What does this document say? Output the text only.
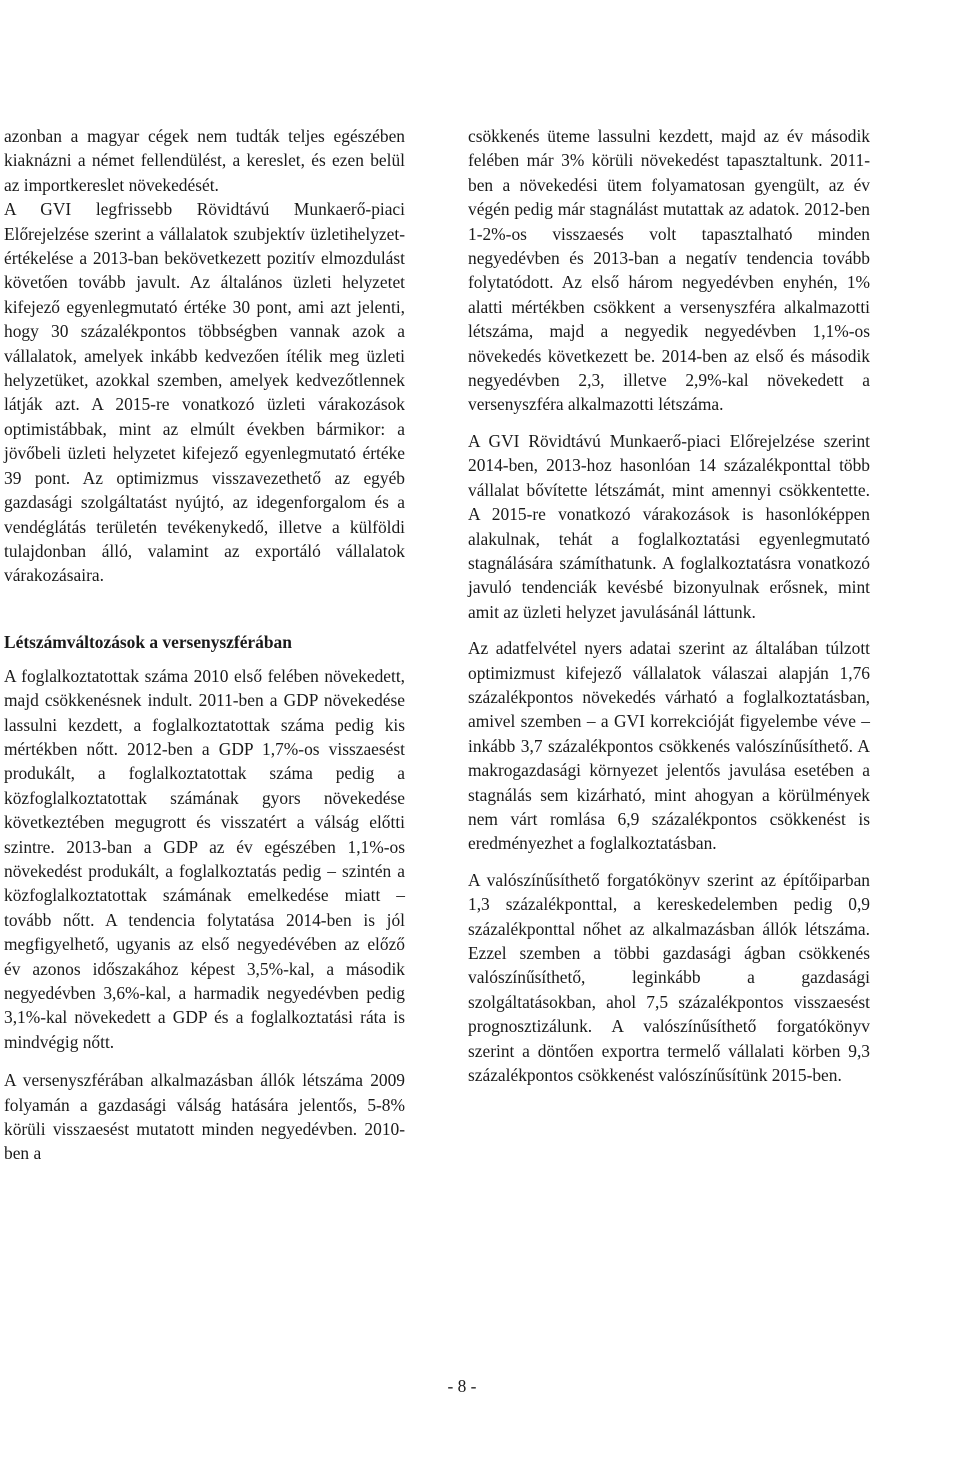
azonban a magyar cégek nem tudták teljes egészében kiaknázni a német fellendülést, a kereslet, és ezen belül az importkereslet növekedését.

A GVI legfrissebb Rövidtávú Munkaerő-piaci Előrejelzése szerint a vállalatok szubjektív üzletihelyzet-értékelése a 2013-ban bekövetkezett pozitív elmozdulást követően tovább javult. Az általános üzleti helyzetet kifejező egyenlegmutató értéke 30 pont, ami azt jelenti, hogy 30 százalékpontos többségben vannak azok a vállalatok, amelyek inkább kedvezően ítélik meg üzleti helyzetüket, azokkal szemben, amelyek kedvezőtlennek látják azt. A 2015-re vonatkozó üzleti várakozások optimistábbak, mint az elmúlt években bármikor: a jövőbeli üzleti helyzetet kifejező egyenlegmutató értéke 39 pont. Az optimizmus visszavezethető az egyéb gazdasági szolgáltatást nyújtó, az idegenforgalom és a vendéglátás területén tevékenykedő, illetve a külföldi tulajdonban álló, valamint az exportáló vállalatok várakozásaira.

Létszámváltozások a versenyszférában

A foglalkoztatottak száma 2010 első felében növekedett, majd csökkenésnek indult. 2011-ben a GDP növekedése lassulni kezdett, a foglalkoztatottak száma pedig kis mértékben nőtt. 2012-ben a GDP 1,7%-os visszaesést produkált, a foglalkoztatottak száma pedig a közfoglalkoztatottak számának gyors növekedése következtében megugrott és visszatért a válság előtti szintre. 2013-ban a GDP az év egészében 1,1%-os növekedést produkált, a foglalkoztatás pedig – szintén a közfoglalkoztatottak számának emelkedése miatt – tovább nőtt. A tendencia folytatása 2014-ben is jól megfigyelhető, ugyanis az első negyedévében az előző év azonos időszakához képest 3,5%-kal, a második negyedévben 3,6%-kal, a harmadik negyedévben pedig 3,1%-kal növekedett a GDP és a foglalkoztatási ráta is mindvégig nőtt.

A versenyszférában alkalmazásban állók létszáma 2009 folyamán a gazdasági válság hatására jelentős, 5-8% körüli visszaesést mutatott minden negyedévben. 2010-ben a

csökkenés üteme lassulni kezdett, majd az év második felében már 3% körüli növekedést tapasztaltunk. 2011-ben a növekedési ütem folyamatosan gyengült, az év végén pedig már stagnálást mutattak az adatok. 2012-ben 1-2%-os visszaesés volt tapasztalható minden negyedévben és 2013-ban a negatív tendencia tovább folytatódott. Az első három negyedévben enyhén, 1% alatti mértékben csökkent a versenyszféra alkalmazotti létszáma, majd a negyedik negyedévben 1,1%-os növekedés következett be. 2014-ben az első és második negyedévben 2,3, illetve 2,9%-kal növekedett a versenyszféra alkalmazotti létszáma.

A GVI Rövidtávú Munkaerő-piaci Előrejelzése szerint 2014-ben, 2013-hoz hasonlóan 14 százalékponttal több vállalat bővítette létszámát, mint amennyi csökkentette. A 2015-re vonatkozó várakozások is hasonlóképpen alakulnak, tehát a foglalkoztatási egyenlegmutató stagnálására számíthatunk. A foglalkoztatásra vonatkozó javuló tendenciák kevésbé bizonyulnak erősnek, mint amit az üzleti helyzet javulásánál láttunk.

Az adatfelvétel nyers adatai szerint az általában túlzott optimizmust kifejező vállalatok válaszai alapján 1,76 százalékpontos növekedés várható a foglalkoztatásban, amivel szemben – a GVI korrekcióját figyelembe véve – inkább 3,7 százalékpontos csökkenés valószínűsíthető. A makrogazdasági környezet jelentős javulása esetében a stagnálás sem kizárható, mint ahogyan a körülmények nem várt romlása 6,9 százalékpontos csökkenést is eredményezhet a foglalkoztatásban.

A valószínűsíthető forgatókönyv szerint az építőiparban 1,3 százalékponttal, a kereskedelemben pedig 0,9 százalékponttal nőhet az alkalmazásban állók létszáma. Ezzel szemben a többi gazdasági ágban csökkenés valószínűsíthető, leginkább a gazdasági szolgáltatásokban, ahol 7,5 százalékpontos visszaesést prognosztizálunk. A valószínűsíthető forgatókönyv szerint a döntően exportra termelő vállalati körben 9,3 százalékpontos csökkenést valószínűsítünk 2015-ben.

- 8 -
